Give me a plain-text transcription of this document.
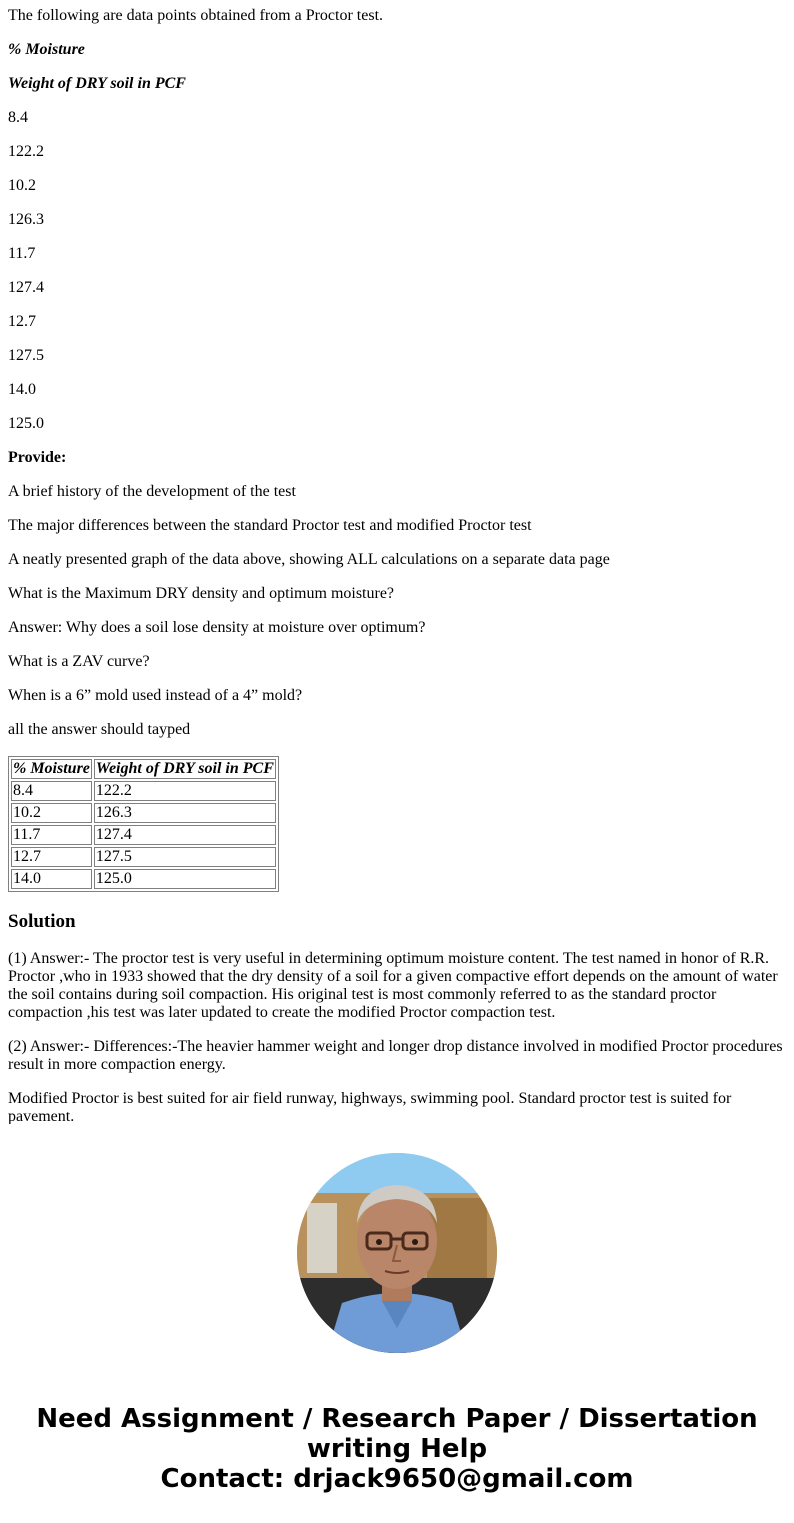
The following are data points obtained from a Proctor test.

% Moisture

Weight of DRY soil in PCF

8.4

122.2

10.2

126.3

11.7

127.4

12.7

127.5

14.0

125.0

Provide:

A brief history of the development of the test

The major differences between the standard Proctor test and modified Proctor test

A neatly presented graph of the data above, showing ALL calculations on a separate data page

What is the Maximum DRY density and optimum moisture?

Answer: Why does a soil lose density at moisture over optimum?

What is a ZAV curve?

When is a 6” mold used instead of a 4” mold?

all the answer should tayped

% Moisture	Weight of DRY soil in PCF
8.4	122.2
10.2	126.3
11.7	127.4
12.7	127.5
14.0	125.0
Solution

(1) Answer:- The proctor test is very useful in determining optimum moisture content. The test named in honor of R.R. Proctor ,who in 1933 showed that the dry density of a soil for a given compactive effort depends on the amount of water the soil contains during soil compaction. His original test is most commonly referred to as the standard proctor compaction ,his test was later updated to create the modified Proctor compaction test.

(2) Answer:- Differences:-The heavier hammer weight and longer drop distance involved in modified Proctor procedures result in more compaction energy.

Modified Proctor is best suited for air field runway, highways, swimming pool. Standard proctor test is suited for pavement.

Need Assignment / Research Paper / Dissertation
writing Help
Contact: drjack9650@gmail.com
